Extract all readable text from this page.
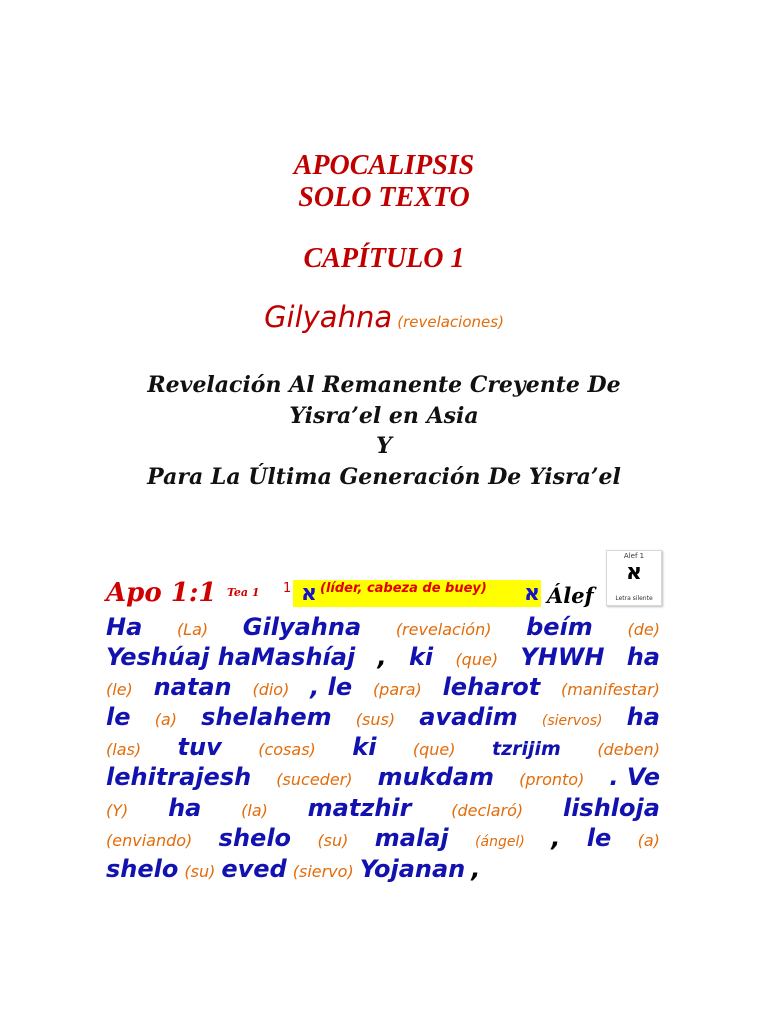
APOCALIPSIS
SOLO TEXTO
CAPÍTULO 1
Gilyahna (revelaciones)
Revelación Al Remanente Creyente De
Yisra’el en Asia
Y
Para La Última Generación De Yisra’el
Apo 1:1 Tea 1 1 א (líder, cabeza de buey) א Álef
Alef 1
א
Letra silente
Ha (La) Gilyahna (revelación) beím (de)
Yeshúaj haMashíaj , ki (que) YHWH ha
(le) natan (dio) , le (para) leharot (manifestar)
le (a) shelahem (sus) avadim (siervos) ha
(las) tuv (cosas) ki (que) tzrijim (deben)
lehitrajesh (suceder) mukdam (pronto) . Ve
(Y) ha (la) matzhir (declaró) lishloja
(enviando) shelo (su) malaj (ángel) , le (a)
shelo (su) eved (siervo) Yojanan ,
